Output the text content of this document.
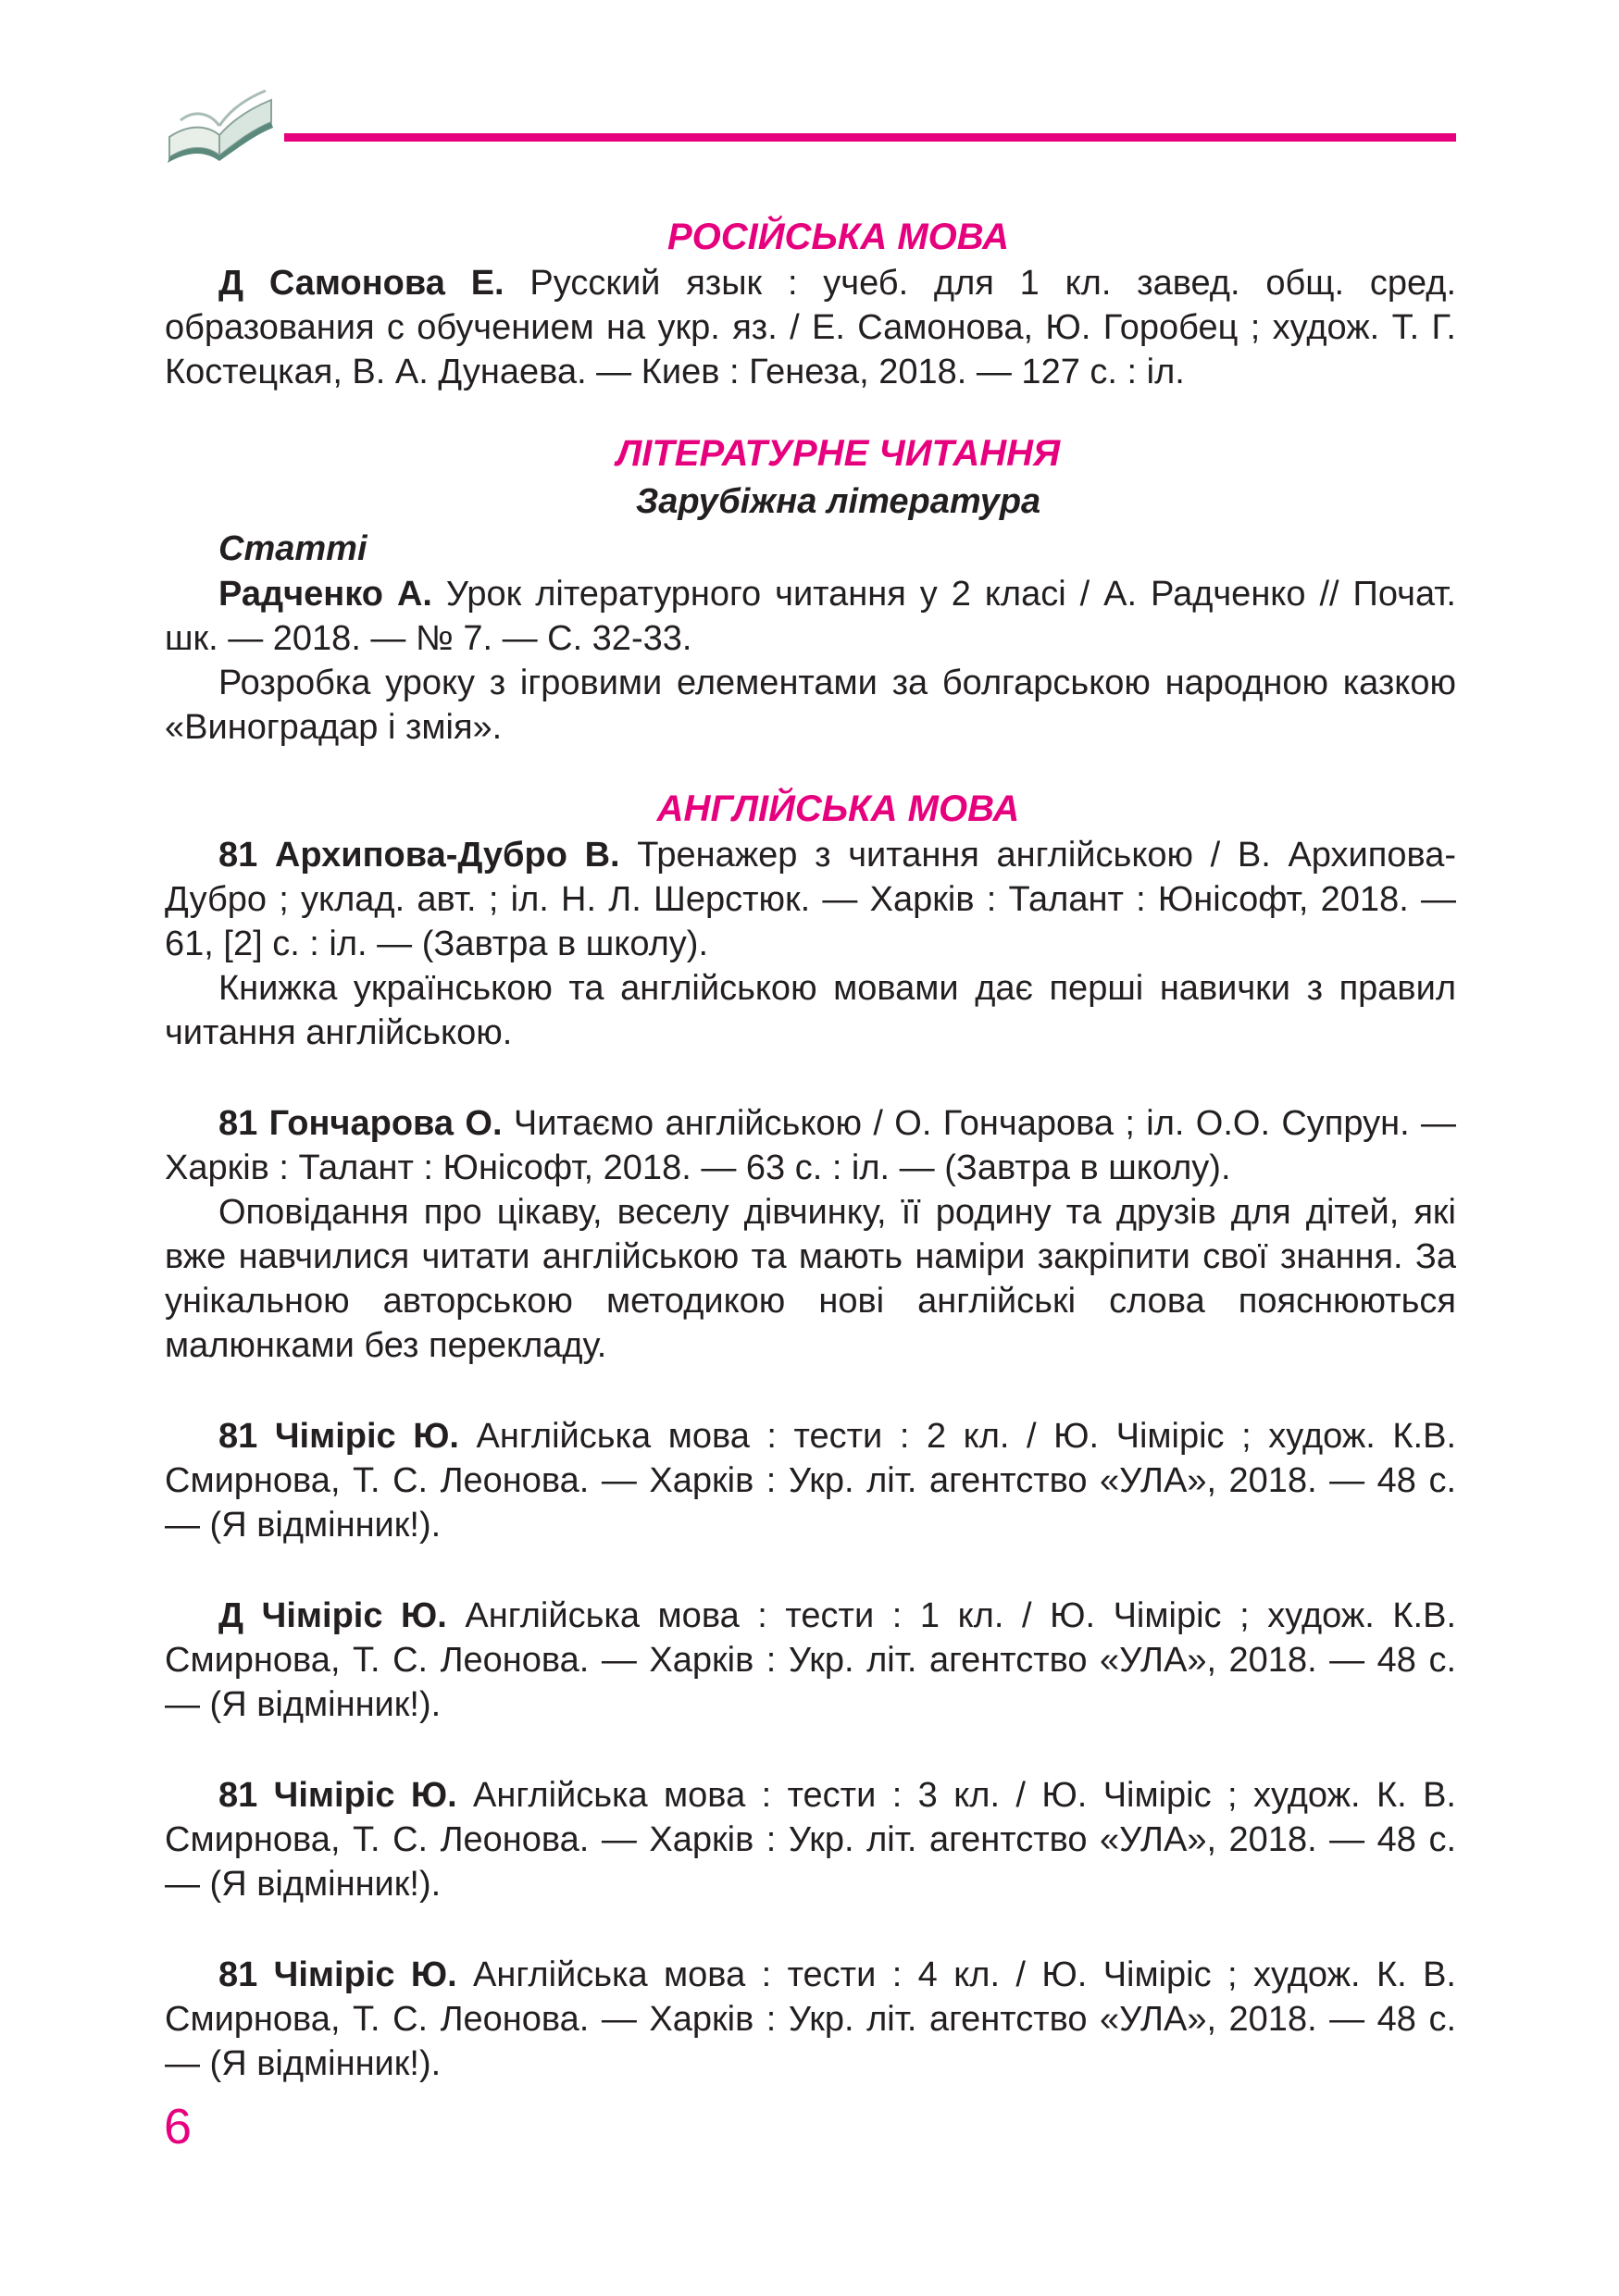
РОСІЙСЬКА МОВА

Д Самонова Е. Русский язык : учеб. для 1 кл. завед. общ. сред. образования с обучением на укр. яз. / Е. Самонова, Ю. Горобец ; худож. Т. Г. Костецкая, В. А. Дунаева. — Киев : Генеза, 2018. — 127 с. : іл.

ЛІТЕРАТУРНЕ ЧИТАННЯ
Зарубіжна література
Статті

Радченко А. Урок літературного читання у 2 класі / А. Радченко // Почат. шк. — 2018. — № 7. — С. 32-33.

Розробка уроку з ігровими елементами за болгарською народною казкою «Виноградар і змія».

АНГЛІЙСЬКА МОВА

81 Архипова-Дубро В. Тренажер з читання англійською / В. Архипова-Дубро ; уклад. авт. ; іл. Н. Л. Шерстюк. — Харків : Талант : Юнісофт, 2018. — 61, [2] с. : іл. — (Завтра в школу).

Книжка українською та англійською мовами дає перші навички з правил читання англійською.

81 Гончарова О. Читаємо англійською / О. Гончарова ; іл. О.О. Супрун. — Харків : Талант : Юнісофт, 2018. — 63 с. : іл. — (Завтра в школу).

Оповідання про цікаву, веселу дівчинку, її родину та друзів для дітей, які вже навчилися читати англійською та мають наміри закріпити свої знання. За унікальною авторською методикою нові англійські слова пояснюються малюнками без перекладу.

81 Чіміріс Ю. Англійська мова : тести : 2 кл. / Ю. Чіміріс ; худож. К.В. Смирнова, Т. С. Леонова. — Харків : Укр. літ. агентство «УЛА», 2018. — 48 с. — (Я відмінник!).

Д Чіміріс Ю. Англійська мова : тести : 1 кл. / Ю. Чіміріс ; худож. К.В. Смирнова, Т. С. Леонова. — Харків : Укр. літ. агентство «УЛА», 2018. — 48 с. — (Я відмінник!).

81 Чіміріс Ю. Англійська мова : тести : 3 кл. / Ю. Чіміріс ; худож. К. В. Смирнова, Т. С. Леонова. — Харків : Укр. літ. агентство «УЛА», 2018. — 48 с. — (Я відмінник!).

81 Чіміріс Ю. Англійська мова : тести : 4 кл. / Ю. Чіміріс ; худож. К. В. Смирнова, Т. С. Леонова. — Харків : Укр. літ. агентство «УЛА», 2018. — 48 с. — (Я відмінник!).

6
